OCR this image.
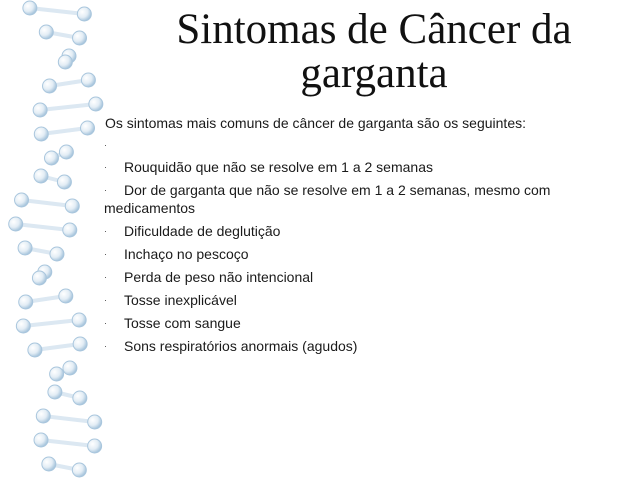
Sintomas de Câncer da
garganta
Os sintomas mais comuns de câncer de garganta são os seguintes:
·
· Rouquidão que não se resolve em 1 a 2 semanas
· Dor de garganta que não se resolve em 1 a 2 semanas, mesmo com
medicamentos
· Dificuldade de deglutição
· Inchaço no pescoço
· Perda de peso não intencional
· Tosse inexplicável
· Tosse com sangue
· Sons respiratórios anormais (agudos)
